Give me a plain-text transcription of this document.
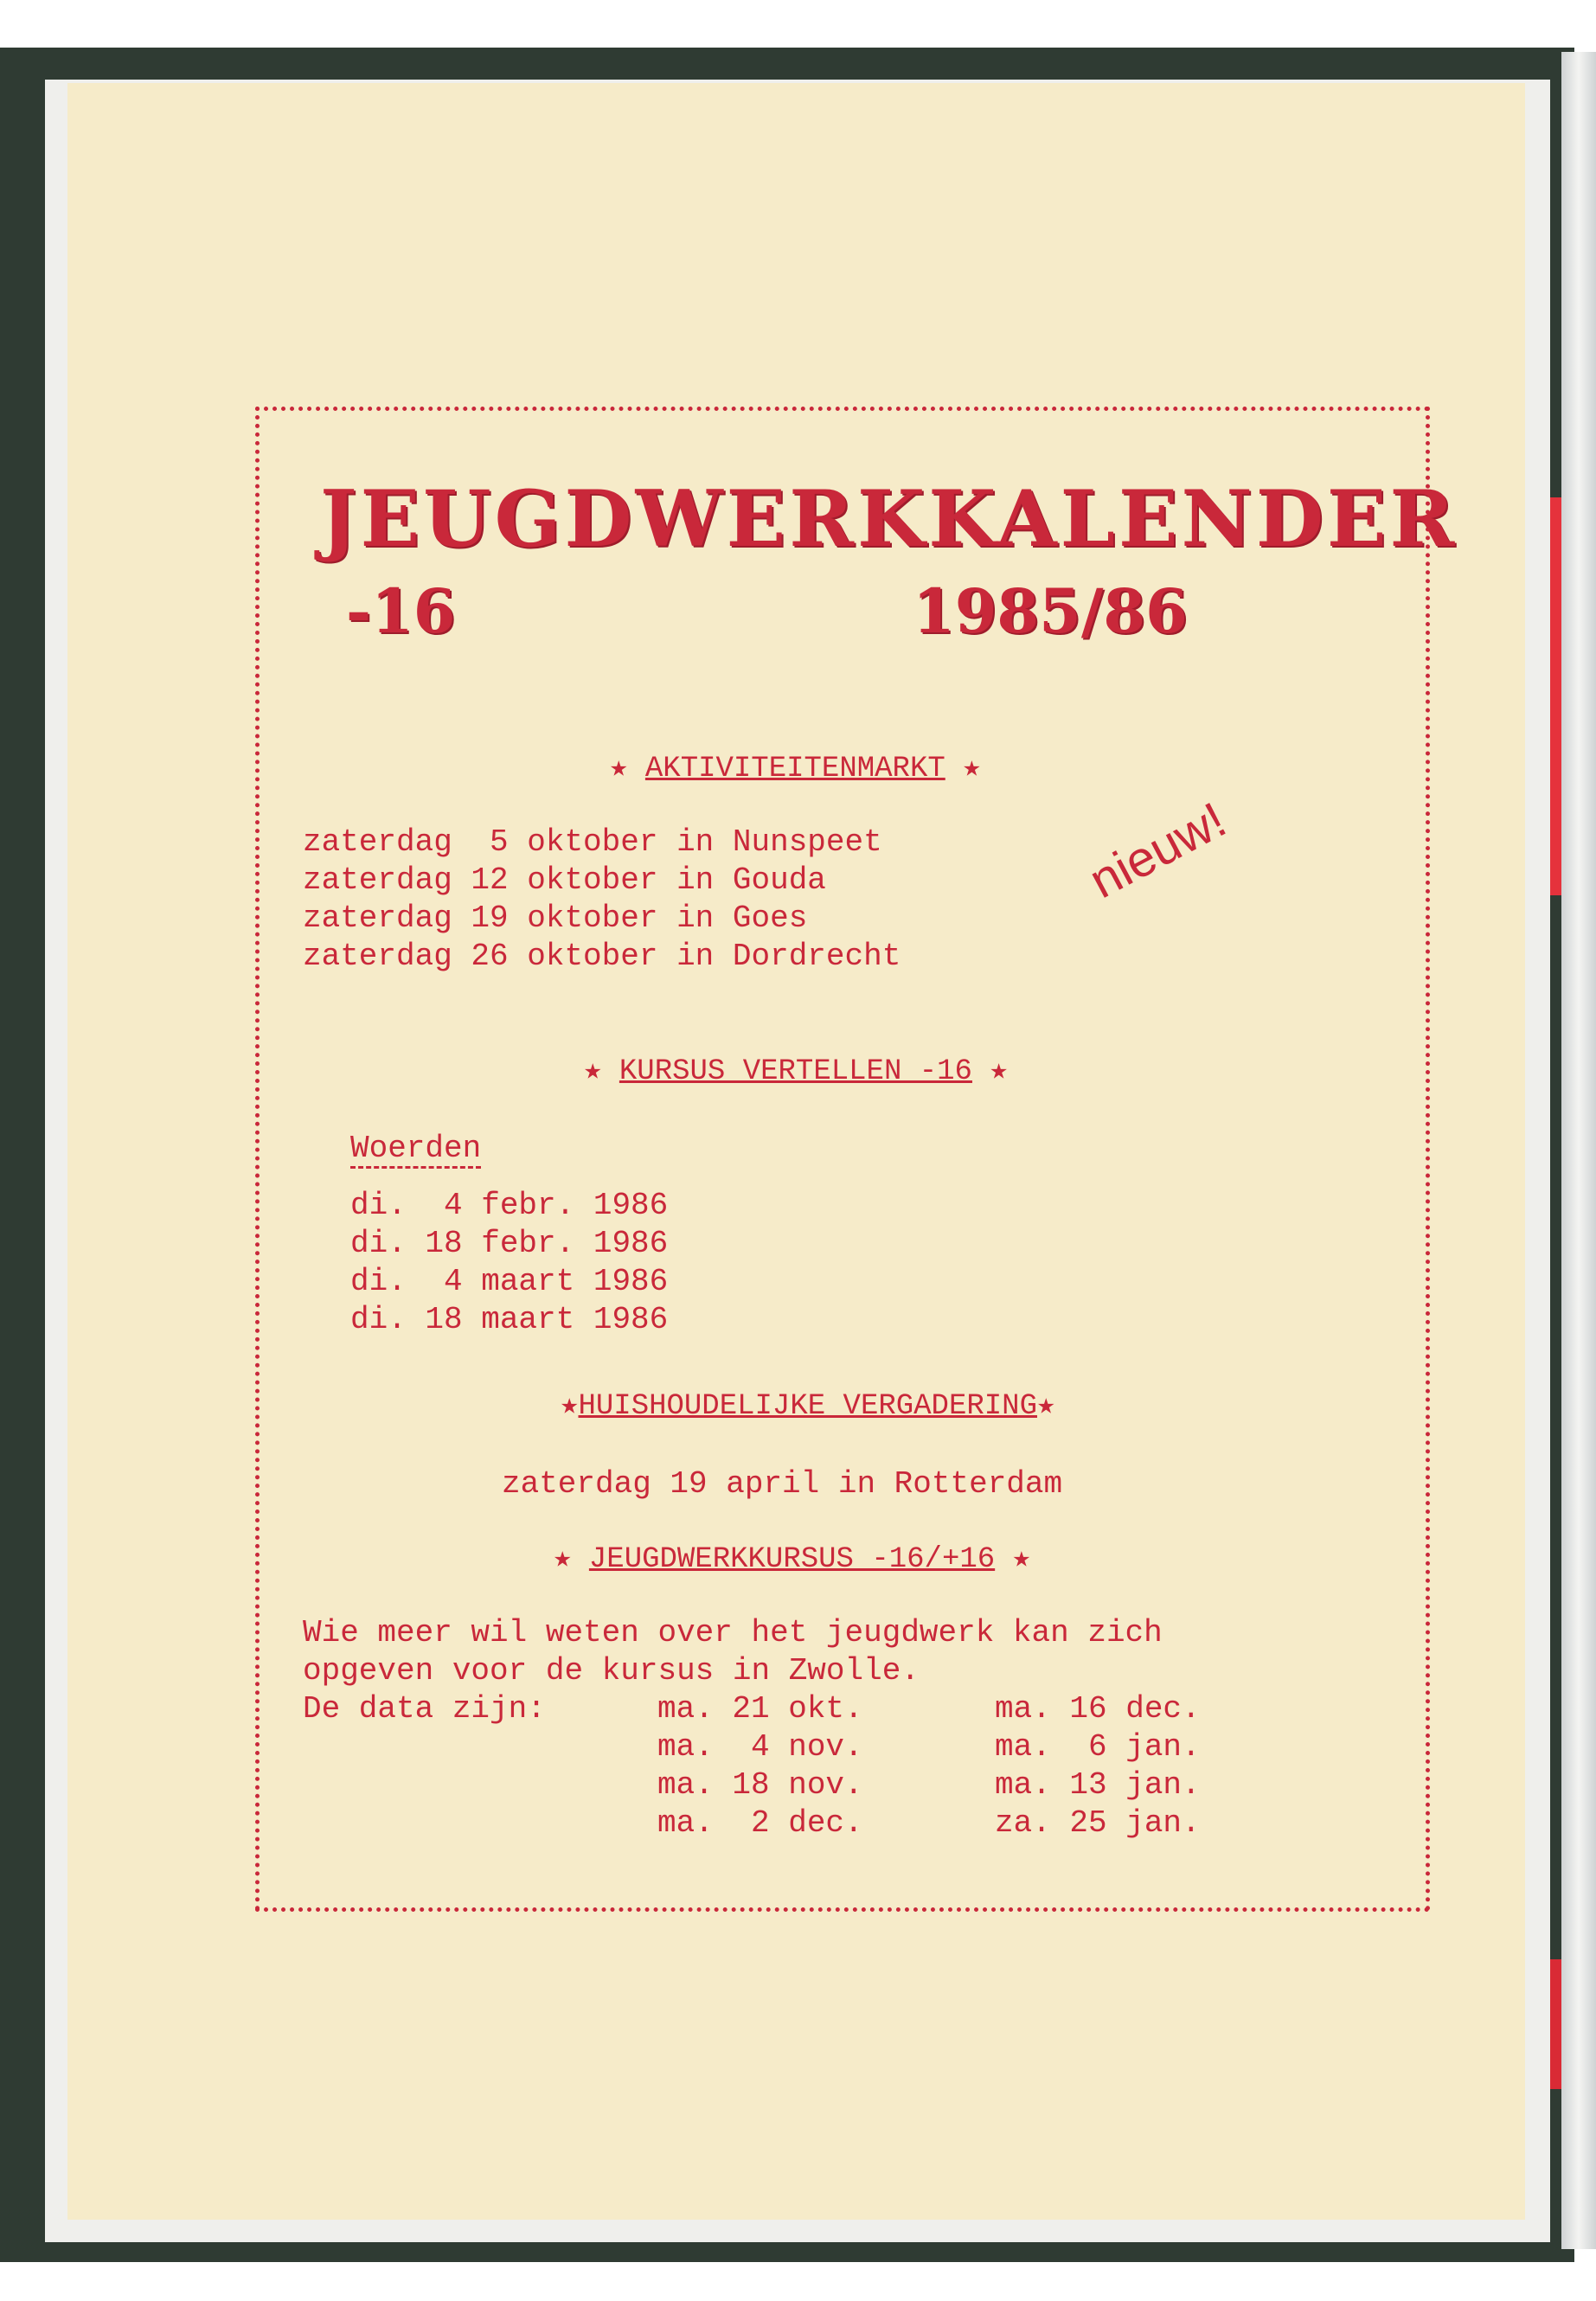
JEUGDWERKKALENDER
-16	1985/86
★ AKTIVITEITENMARKT ★
zaterdag  5 oktober in Nunspeet
zaterdag 12 oktober in Gouda
zaterdag 19 oktober in Goes
zaterdag 26 oktober in Dordrecht
nieuw!
★ KURSUS VERTELLEN -16 ★
Woerden
di.  4 febr. 1986
di. 18 febr. 1986
di.  4 maart 1986
di. 18 maart 1986
★HUISHOUDELIJKE VERGADERING★
zaterdag 19 april in Rotterdam
★ JEUGDWERKKURSUS -16/+16 ★
Wie meer wil weten over het jeugdwerk kan zich
opgeven voor de kursus in Zwolle.
De data zijn:	ma. 21 okt.
ma.  4 nov.
ma. 18 nov.
ma.  2 dec.
ma. 16 dec.
ma.  6 jan.
ma. 13 jan.
za. 25 jan.
